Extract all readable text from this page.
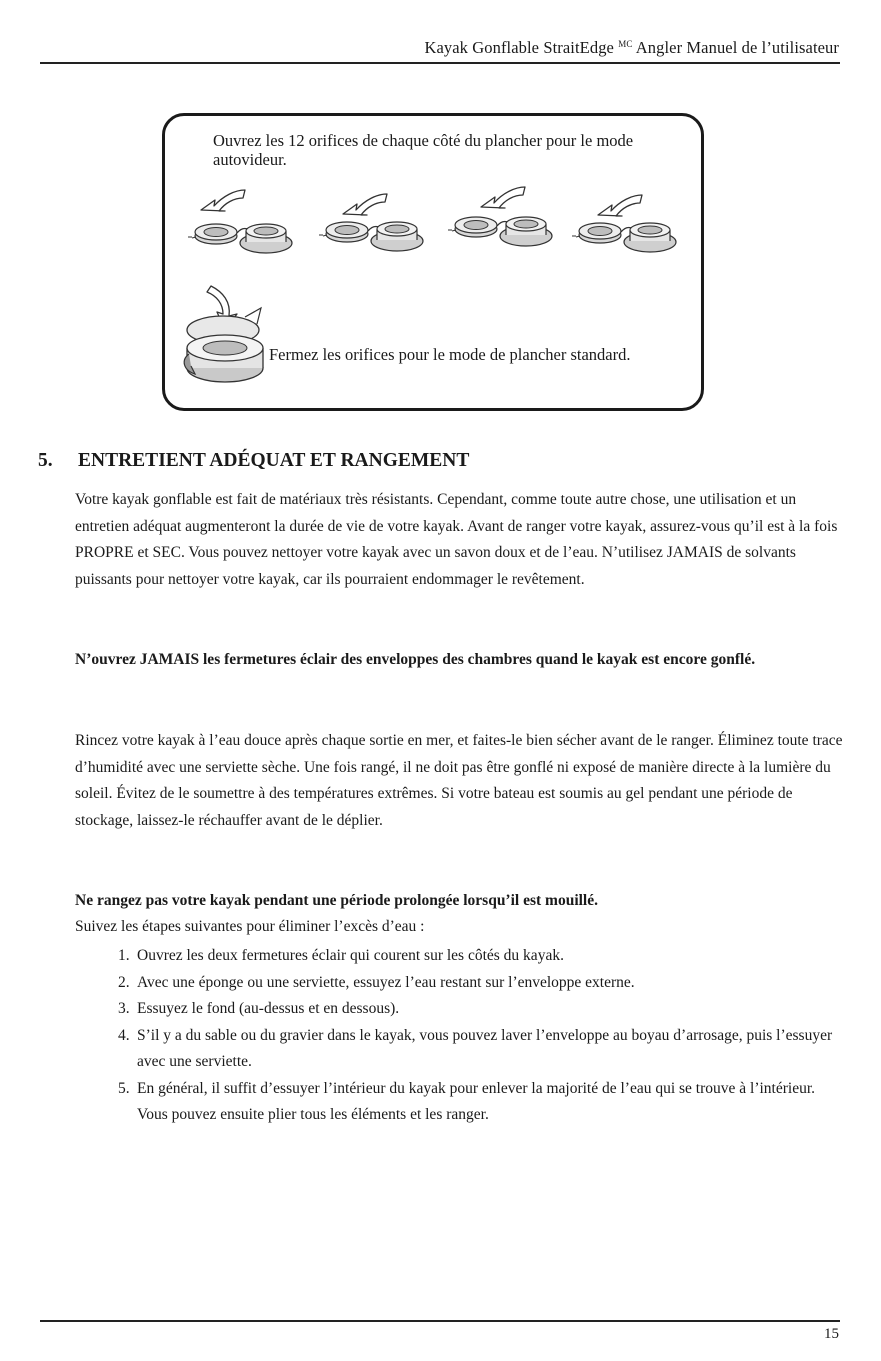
Kayak Gonflable StraitEdge $^{MC}$ Angler Manuel de l’utilisateur
Ouvrez les 12 orifices de chaque côté du plancher pour le mode autovideur.
Fermez les orifices pour le mode de plancher standard.
5. ENTRETIENT ADÉQUAT ET RANGEMENT

Votre kayak gonflable est fait de matériaux très résistants. Cependant, comme toute autre chose, une utilisation et un entretien adéquat augmenteront la durée de vie de votre kayak. Avant de ranger votre kayak, assurez-vous qu’il est à la fois PROPRE et SEC. Vous pouvez nettoyer votre kayak avec un savon doux et de l’eau. N’utilisez JAMAIS de solvants puissants pour nettoyer votre kayak, car ils pourraient endommager le revêtement.

N’ouvrez JAMAIS les fermetures éclair des enveloppes des chambres quand le kayak est encore gonflé.

Rincez votre kayak à l’eau douce après chaque sortie en mer, et faites-le bien sécher avant de le ranger. Éliminez toute trace d’humidité avec une serviette sèche. Une fois rangé, il ne doit pas être gonflé ni exposé de manière directe à la lumière du soleil. Évitez de le soumettre à des températures extrêmes. Si votre bateau est soumis au gel pendant une période de stockage, laissez-le réchauffer avant de le déplier.

Ne rangez pas votre kayak pendant une période prolongée lorsqu’il est mouillé.

Suivez les étapes suivantes pour éliminer l’excès d’eau :

1. Ouvrez les deux fermetures éclair qui courent sur les côtés du kayak.
2. Avec une éponge ou une serviette, essuyez l’eau restant sur l’enveloppe externe.
3. Essuyez le fond (au-dessus et en dessous).
4. S’il y a du sable ou du gravier dans le kayak, vous pouvez laver l’enveloppe au boyau d’arrosage, puis l’essuyer avec une serviette.
5. En général, il suffit d’essuyer l’intérieur du kayak pour enlever la majorité de l’eau qui se trouve à l’intérieur. Vous pouvez ensuite plier tous les éléments et les ranger.
15
